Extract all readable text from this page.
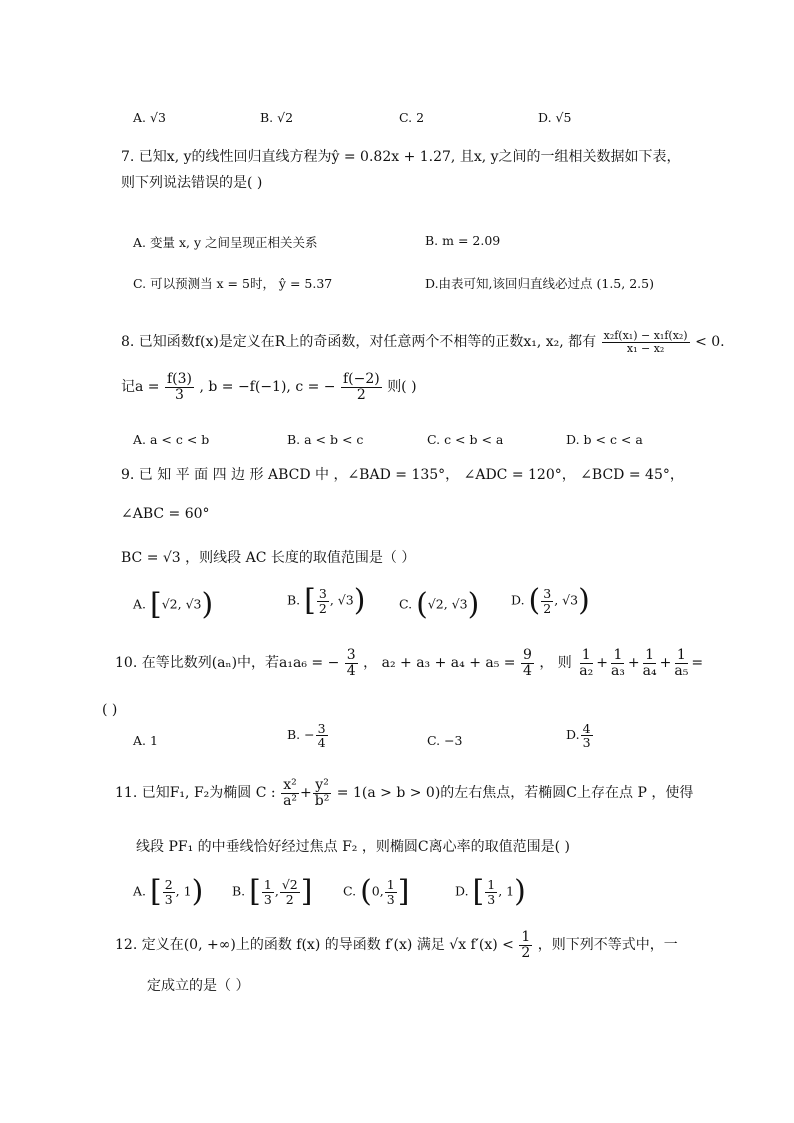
A. √3	B. √2	C. 2	D. √5
7. 已知x, y的线性回归直线方程为ŷ = 0.82x + 1.27, 且x, y之间的一组相关数据如下表，
则下列说法错误的是( )
A. 变量 x, y 之间呈现正相关关系	B. m = 2.09
C. 可以预测当 x = 5时， ŷ = 5.37	D.由表可知,该回归直线必过点 (1.5, 2.5)
8. 已知函数f(x)是定义在R上的奇函数，对任意两个不相等的正数x₁, x₂, 都有 $\frac{\text{x₂f(x₁) − x₁f(x₂)}}{\text{x₁ − x₂}} < 0$.
记$a = \frac{f(3)}{3}$ , b = −f(−1), c = − $\frac{f(-2)}{2}$ 则( )
A. a < c < b	B. a < b < c	C. c < b < a	D. b < c < a
9. 已 知 平 面 四 边 形 ABCD 中 ，∠BAD = 135°， ∠ADC = 120°， ∠BCD = 45°，
∠ABC = 60°
BC = √3 ，则线段 AC 长度的取值范围是（ ）
A. [√2, √3)	B. [ $\frac{3}{2}$ , √3)	C. (√2, √3)	D. ( $\frac{3}{2}$ , √3)
10. 在等比数列(aₙ)中，若a₁a₆ = − $\frac{3}{4}$ ， $a_2 + a_3 + a_4 + a_5 = \frac{9}{4}$ ， 则 $\frac{1}{\text{a₂}} + \frac{1}{\text{a₃}} + \frac{1}{\text{a₄}} + \frac{1}{\text{a₅}}$ =
( )
A. 1	B. − $\frac{3}{4}$	C. −3	D. $\frac{4}{3}$
11. 已知F₁, F₂为椭圆 C : $\frac{\text{x²}}{\text{a²}} + \frac{\text{y²}}{\text{b²}} = 1(a > b > 0)$的左右焦点，若椭圆C上存在点 P ，使得
线段 PF₁ 的中垂线恰好经过焦点 F₂ ，则椭圆C离心率的取值范围是( )
A. [ $\frac{2}{3}$ , 1) B. [ $\frac{1}{3}$ , $\frac{√2}{2}$ ] C. (0, $\frac{1}{3}$ ]	D. [ $\frac{1}{3}$ , 1)
12. 定义在(0, +∞)上的函数 f(x) 的导函数 f′(x) 满足 √x $f'(x) < \frac{1}{2}$ ，则下列不等式中，一
定成立的是（ ）
